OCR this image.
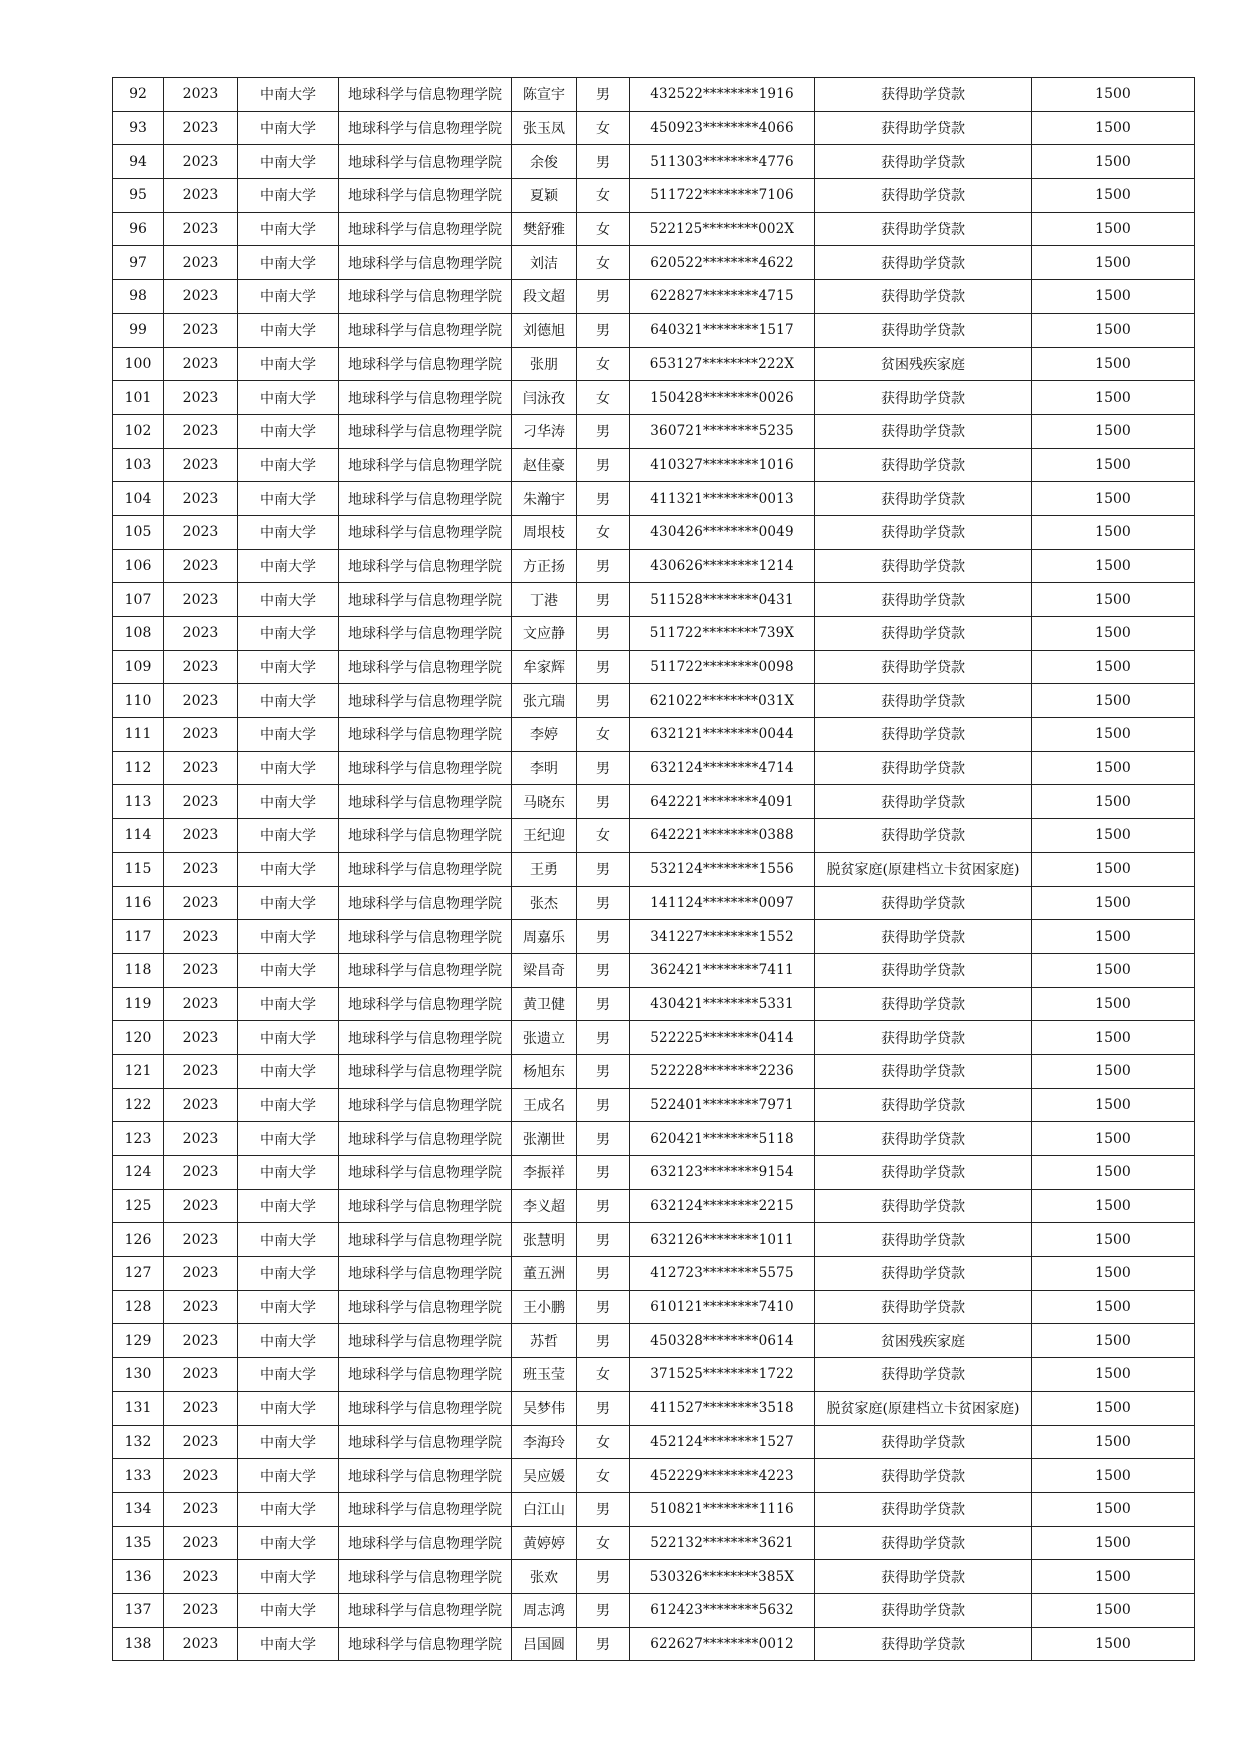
92	2023	中南大学	地球科学与信息物理学院	陈宣宇	男	432522********1916	获得助学贷款	1500
93	2023	中南大学	地球科学与信息物理学院	张玉凤	女	450923********4066	获得助学贷款	1500
94	2023	中南大学	地球科学与信息物理学院	余俊	男	511303********4776	获得助学贷款	1500
95	2023	中南大学	地球科学与信息物理学院	夏颖	女	511722********7106	获得助学贷款	1500
96	2023	中南大学	地球科学与信息物理学院	樊舒雅	女	522125********002X	获得助学贷款	1500
97	2023	中南大学	地球科学与信息物理学院	刘洁	女	620522********4622	获得助学贷款	1500
98	2023	中南大学	地球科学与信息物理学院	段文超	男	622827********4715	获得助学贷款	1500
99	2023	中南大学	地球科学与信息物理学院	刘德旭	男	640321********1517	获得助学贷款	1500
100	2023	中南大学	地球科学与信息物理学院	张朋	女	653127********222X	贫困残疾家庭	1500
101	2023	中南大学	地球科学与信息物理学院	闫泳孜	女	150428********0026	获得助学贷款	1500
102	2023	中南大学	地球科学与信息物理学院	刁华涛	男	360721********5235	获得助学贷款	1500
103	2023	中南大学	地球科学与信息物理学院	赵佳豪	男	410327********1016	获得助学贷款	1500
104	2023	中南大学	地球科学与信息物理学院	朱瀚宇	男	411321********0013	获得助学贷款	1500
105	2023	中南大学	地球科学与信息物理学院	周垠枝	女	430426********0049	获得助学贷款	1500
106	2023	中南大学	地球科学与信息物理学院	方正扬	男	430626********1214	获得助学贷款	1500
107	2023	中南大学	地球科学与信息物理学院	丁港	男	511528********0431	获得助学贷款	1500
108	2023	中南大学	地球科学与信息物理学院	文应静	男	511722********739X	获得助学贷款	1500
109	2023	中南大学	地球科学与信息物理学院	牟家辉	男	511722********0098	获得助学贷款	1500
110	2023	中南大学	地球科学与信息物理学院	张亢瑞	男	621022********031X	获得助学贷款	1500
111	2023	中南大学	地球科学与信息物理学院	李婷	女	632121********0044	获得助学贷款	1500
112	2023	中南大学	地球科学与信息物理学院	李明	男	632124********4714	获得助学贷款	1500
113	2023	中南大学	地球科学与信息物理学院	马晓东	男	642221********4091	获得助学贷款	1500
114	2023	中南大学	地球科学与信息物理学院	王纪迎	女	642221********0388	获得助学贷款	1500
115	2023	中南大学	地球科学与信息物理学院	王勇	男	532124********1556	脱贫家庭(原建档立卡贫困家庭)	1500
116	2023	中南大学	地球科学与信息物理学院	张杰	男	141124********0097	获得助学贷款	1500
117	2023	中南大学	地球科学与信息物理学院	周嘉乐	男	341227********1552	获得助学贷款	1500
118	2023	中南大学	地球科学与信息物理学院	梁昌奇	男	362421********7411	获得助学贷款	1500
119	2023	中南大学	地球科学与信息物理学院	黄卫健	男	430421********5331	获得助学贷款	1500
120	2023	中南大学	地球科学与信息物理学院	张遗立	男	522225********0414	获得助学贷款	1500
121	2023	中南大学	地球科学与信息物理学院	杨旭东	男	522228********2236	获得助学贷款	1500
122	2023	中南大学	地球科学与信息物理学院	王成名	男	522401********7971	获得助学贷款	1500
123	2023	中南大学	地球科学与信息物理学院	张潮世	男	620421********5118	获得助学贷款	1500
124	2023	中南大学	地球科学与信息物理学院	李振祥	男	632123********9154	获得助学贷款	1500
125	2023	中南大学	地球科学与信息物理学院	李义超	男	632124********2215	获得助学贷款	1500
126	2023	中南大学	地球科学与信息物理学院	张慧明	男	632126********1011	获得助学贷款	1500
127	2023	中南大学	地球科学与信息物理学院	董五洲	男	412723********5575	获得助学贷款	1500
128	2023	中南大学	地球科学与信息物理学院	王小鹏	男	610121********7410	获得助学贷款	1500
129	2023	中南大学	地球科学与信息物理学院	苏哲	男	450328********0614	贫困残疾家庭	1500
130	2023	中南大学	地球科学与信息物理学院	班玉莹	女	371525********1722	获得助学贷款	1500
131	2023	中南大学	地球科学与信息物理学院	吴梦伟	男	411527********3518	脱贫家庭(原建档立卡贫困家庭)	1500
132	2023	中南大学	地球科学与信息物理学院	李海玲	女	452124********1527	获得助学贷款	1500
133	2023	中南大学	地球科学与信息物理学院	吴应媛	女	452229********4223	获得助学贷款	1500
134	2023	中南大学	地球科学与信息物理学院	白江山	男	510821********1116	获得助学贷款	1500
135	2023	中南大学	地球科学与信息物理学院	黄婷婷	女	522132********3621	获得助学贷款	1500
136	2023	中南大学	地球科学与信息物理学院	张欢	男	530326********385X	获得助学贷款	1500
137	2023	中南大学	地球科学与信息物理学院	周志鸿	男	612423********5632	获得助学贷款	1500
138	2023	中南大学	地球科学与信息物理学院	吕国圆	男	622627********0012	获得助学贷款	1500
